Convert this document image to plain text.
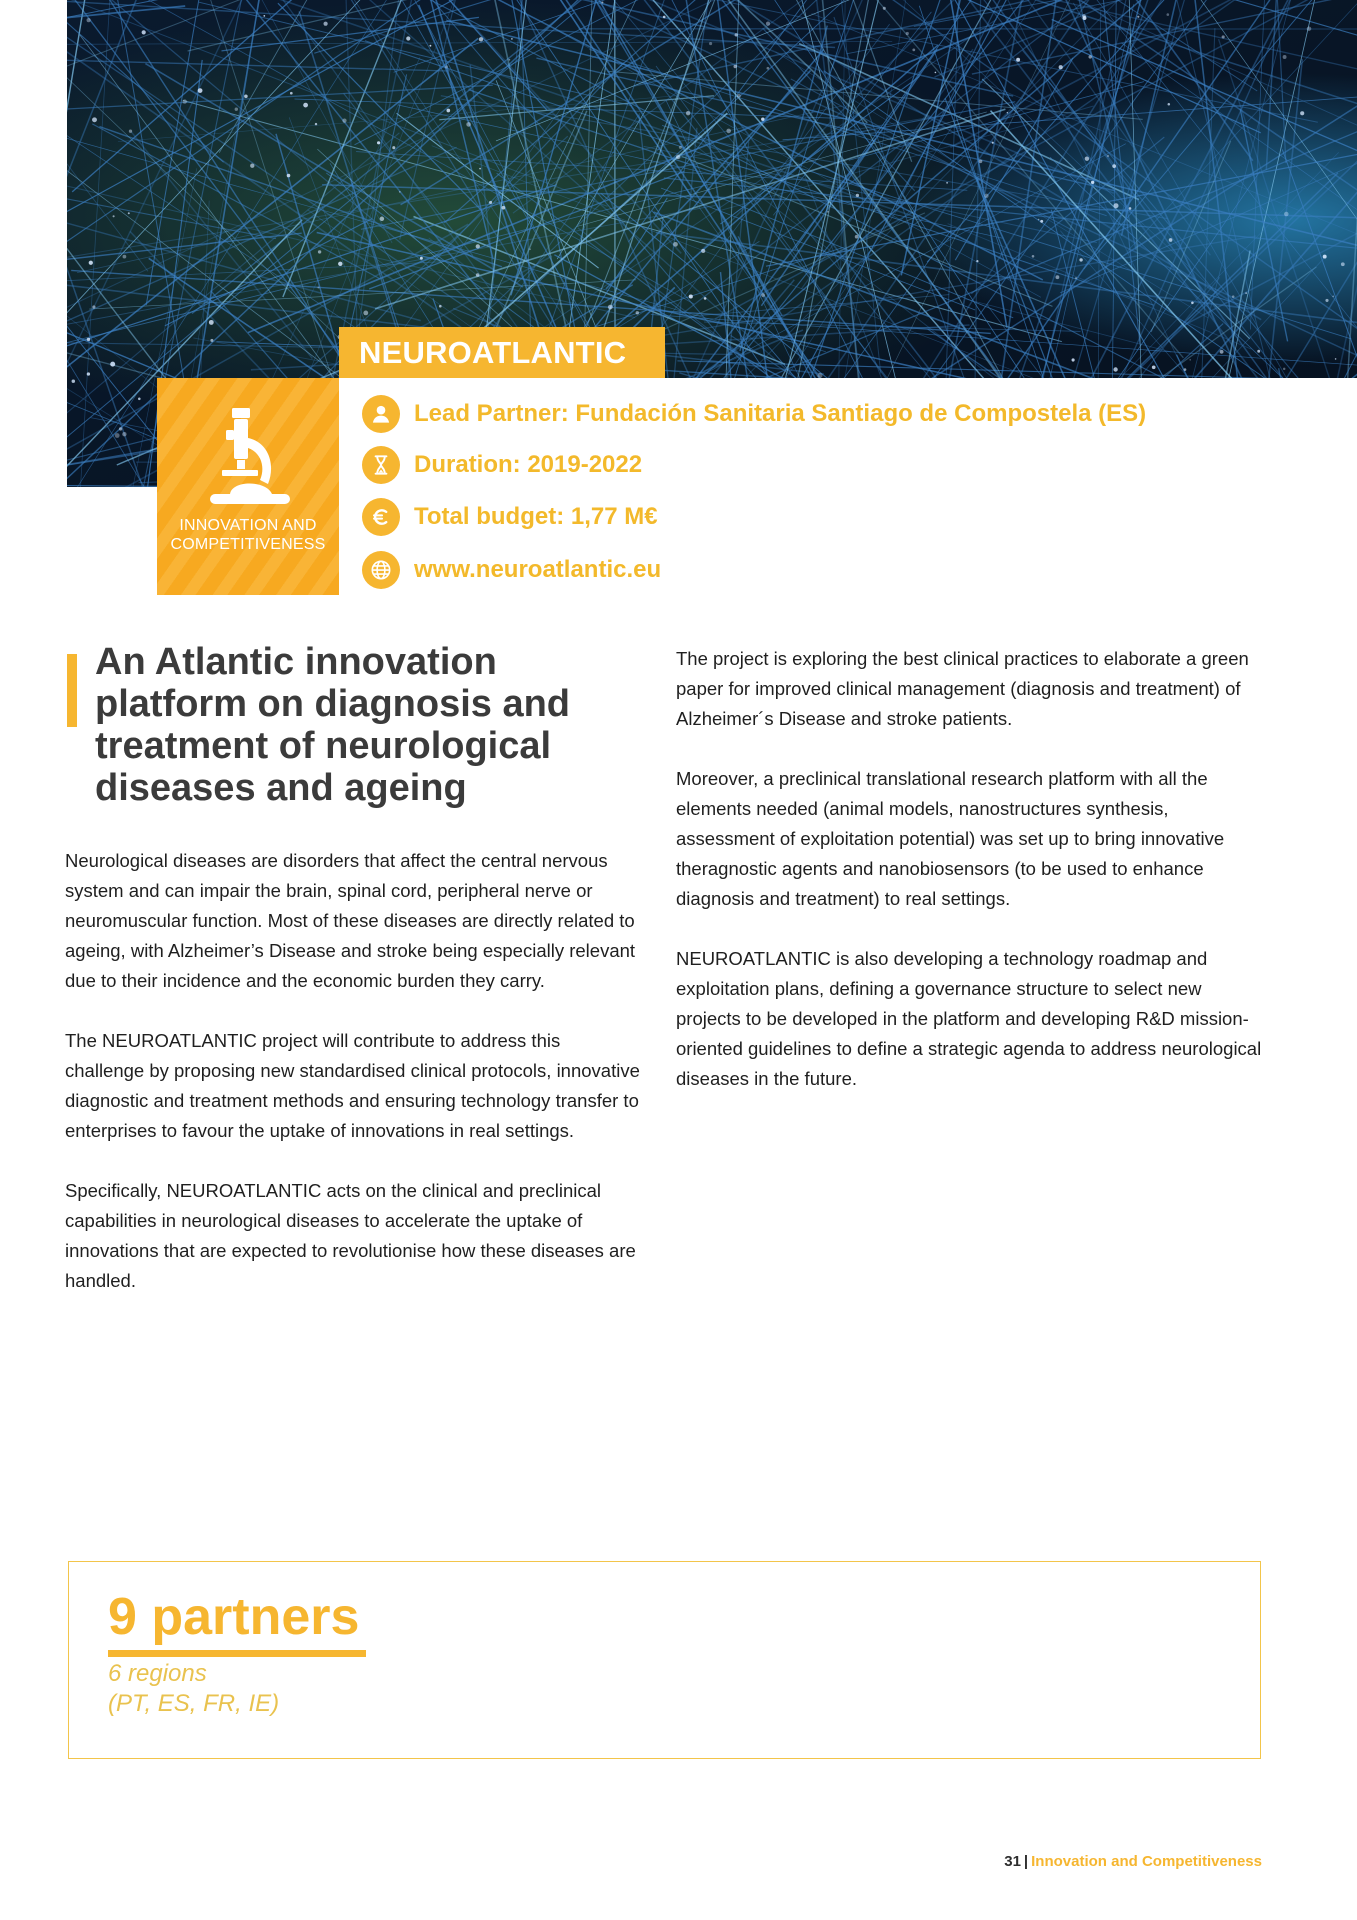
NEUROATLANTIC
INNOVATION AND
COMPETITIVENESS
Lead Partner: Fundación Sanitaria Santiago de Compostela (ES)
Duration: 2019-2022
Total budget: 1,77 M€
www.neuroatlantic.eu
An Atlantic innovation
platform on diagnosis and
treatment of neurological
diseases and ageing

Neurological diseases are disorders that affect the central nervous system and can impair the brain, spinal cord, peripheral nerve or neuromuscular function. Most of these diseases are directly related to ageing, with Alzheimer’s Disease and stroke being especially relevant due to their incidence and the economic burden they carry.

The NEUROATLANTIC project will contribute to address this challenge by proposing new standardised clinical protocols, innovative diagnostic and treatment methods and ensuring technology transfer to enterprises to favour the uptake of innovations in real settings.

Specifically, NEUROATLANTIC acts on the clinical and preclinical capabilities in neurological diseases to accelerate the uptake of innovations that are expected to revolutionise how these diseases are handled.

The project is exploring the best clinical practices to elaborate a green paper for improved clinical management (diagnosis and treatment) of Alzheimer´s Disease and stroke patients.

Moreover, a preclinical translational research platform with all the elements needed (animal models, nanostructures synthesis, assessment of exploitation potential) was set up to bring innovative theragnostic agents and nanobiosensors (to be used to enhance diagnosis and treatment) to real settings.

NEUROATLANTIC is also developing a technology roadmap and exploitation plans, defining a governance structure to select new projects to be developed in the platform and developing R&D mission-oriented guidelines to define a strategic agenda to address neurological diseases in the future.

9 partners
6 regions
(PT, ES, FR, IE)
31 | Innovation and Competitiveness
